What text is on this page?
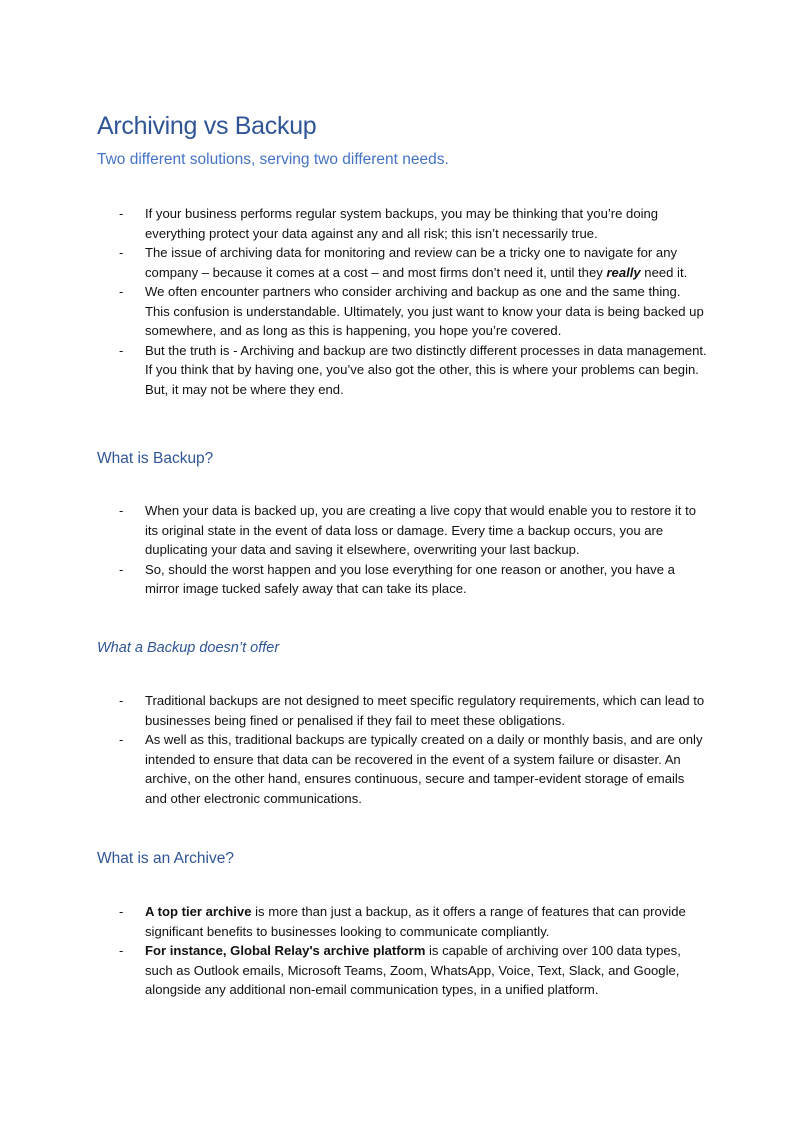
Archiving vs Backup
Two different solutions, serving two different needs.
- If your business performs regular system backups, you may be thinking that you’re doing everything protect your data against any and all risk; this isn’t necessarily true.
- The issue of archiving data for monitoring and review can be a tricky one to navigate for any company – because it comes at a cost – and most firms don’t need it, until they really need it.
- We often encounter partners who consider archiving and backup as one and the same thing. This confusion is understandable. Ultimately, you just want to know your data is being backed up somewhere, and as long as this is happening, you hope you’re covered.
- But the truth is - Archiving and backup are two distinctly different processes in data management. If you think that by having one, you’ve also got the other, this is where your problems can begin. But, it may not be where they end.
What is Backup?
- When your data is backed up, you are creating a live copy that would enable you to restore it to its original state in the event of data loss or damage. Every time a backup occurs, you are duplicating your data and saving it elsewhere, overwriting your last backup.
- So, should the worst happen and you lose everything for one reason or another, you have a mirror image tucked safely away that can take its place.
What a Backup doesn’t offer
- Traditional backups are not designed to meet specific regulatory requirements, which can lead to businesses being fined or penalised if they fail to meet these obligations.
- As well as this, traditional backups are typically created on a daily or monthly basis, and are only intended to ensure that data can be recovered in the event of a system failure or disaster. An archive, on the other hand, ensures continuous, secure and tamper-evident storage of emails and other electronic communications.
What is an Archive?
- A top tier archive is more than just a backup, as it offers a range of features that can provide significant benefits to businesses looking to communicate compliantly.
- For instance, Global Relay's archive platform is capable of archiving over 100 data types, such as Outlook emails, Microsoft Teams, Zoom, WhatsApp, Voice, Text, Slack, and Google, alongside any additional non-email communication types, in a unified platform.
